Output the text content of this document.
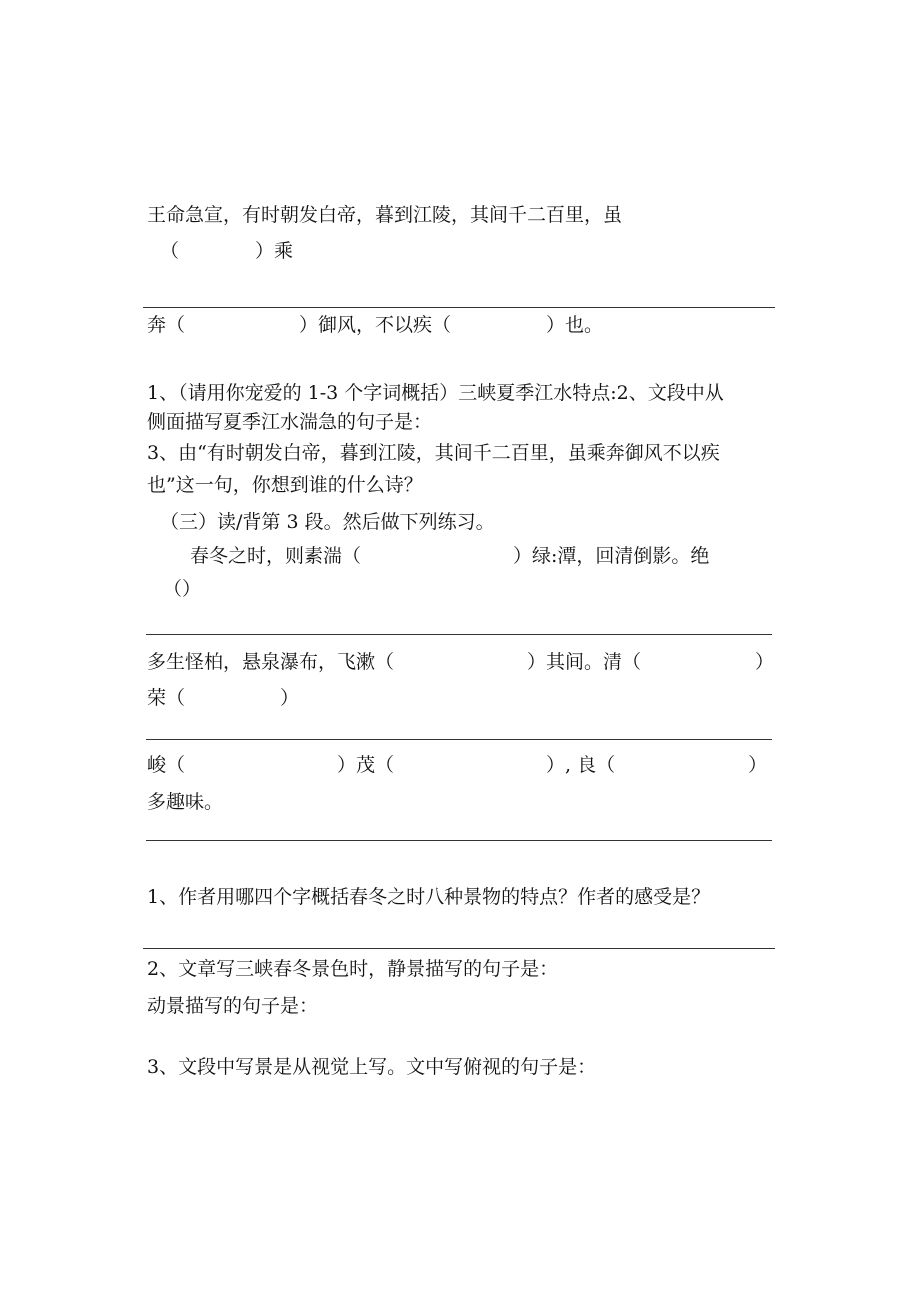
王命急宣，有时朝发白帝，暮到江陵，其间千二百里，虽
（　　　　）乘
奔（　　　　　　）御风，不以疾（　　　　　）也。
1、（请用你宠爱的 1-3 个字词概括）三峡夏季江水特点:2、文段中从
侧面描写夏季江水湍急的句子是：
3、由“有时朝发白帝，暮到江陵，其间千二百里，虽乘奔御风不以疾
也”这一句，你想到谁的什么诗？
（三）读/背第 3 段。然后做下列练习。
春冬之时，则素湍（　　　　　　　　）绿:潭，回清倒影。绝
（）
多生怪柏，悬泉瀑布，飞漱（　　　　　　　）其间。清（　　　　　　）
荣（　　　　　）
峻（　　　　　　　　）茂（　　　　　　　　）, 良（　　　　　　　）
多趣味。
1、作者用哪四个字概括春冬之时八种景物的特点？作者的感受是？
2、文章写三峡春冬景色时，静景描写的句子是：
动景描写的句子是：
3、文段中写景是从视觉上写。文中写俯视的句子是：
